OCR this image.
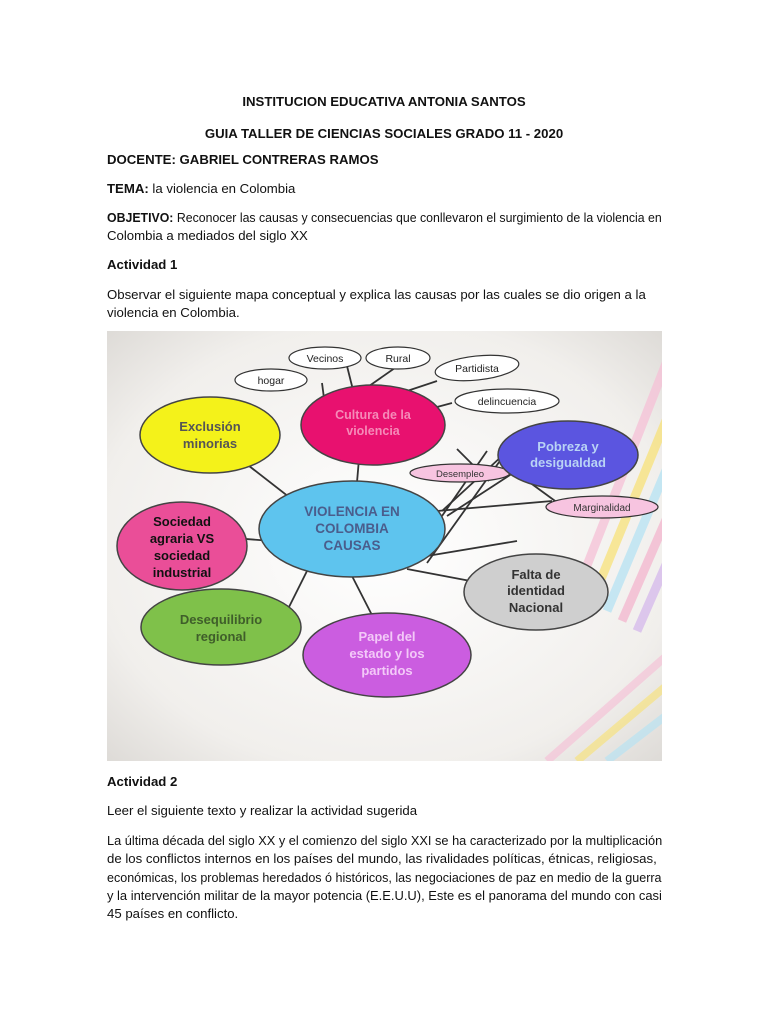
INSTITUCION EDUCATIVA ANTONIA SANTOS
GUIA TALLER DE CIENCIAS SOCIALES GRADO 11 - 2020
DOCENTE: GABRIEL CONTRERAS RAMOS
TEMA: la violencia en Colombia
OBJETIVO: Reconocer las causas y consecuencias que conllevaron el surgimiento de la violencia en
Colombia a mediados del siglo XX
Actividad 1
Observar el siguiente mapa conceptual y explica las causas por las cuales se dio origen a la
violencia en Colombia.
Vecinos	Rural
Partidista
hogar
delincuencia
Desempleo
Marginalidad
Cultura de la
violencia
Exclusión
minorias	Pobreza y
desigualdad
VIOLENCIA EN
COLOMBIA
CAUSAS
Sociedad
agraria VS
sociedad
industrial	Falta de
identidad
Nacional
Desequilibrio
regional	Papel del
estado y los
partidos
Actividad 2
Leer el siguiente texto y realizar la actividad sugerida
La última década del siglo XX y el comienzo del siglo XXI se ha caracterizado por la multiplicación
de los conflictos internos en los países del mundo, las rivalidades políticas, étnicas, religiosas,
económicas, los problemas heredados ó históricos, las negociaciones de paz en medio de la guerra
y la intervención militar de la mayor potencia (E.E.U.U), Este es el panorama del mundo con casi
45 países en conflicto.
